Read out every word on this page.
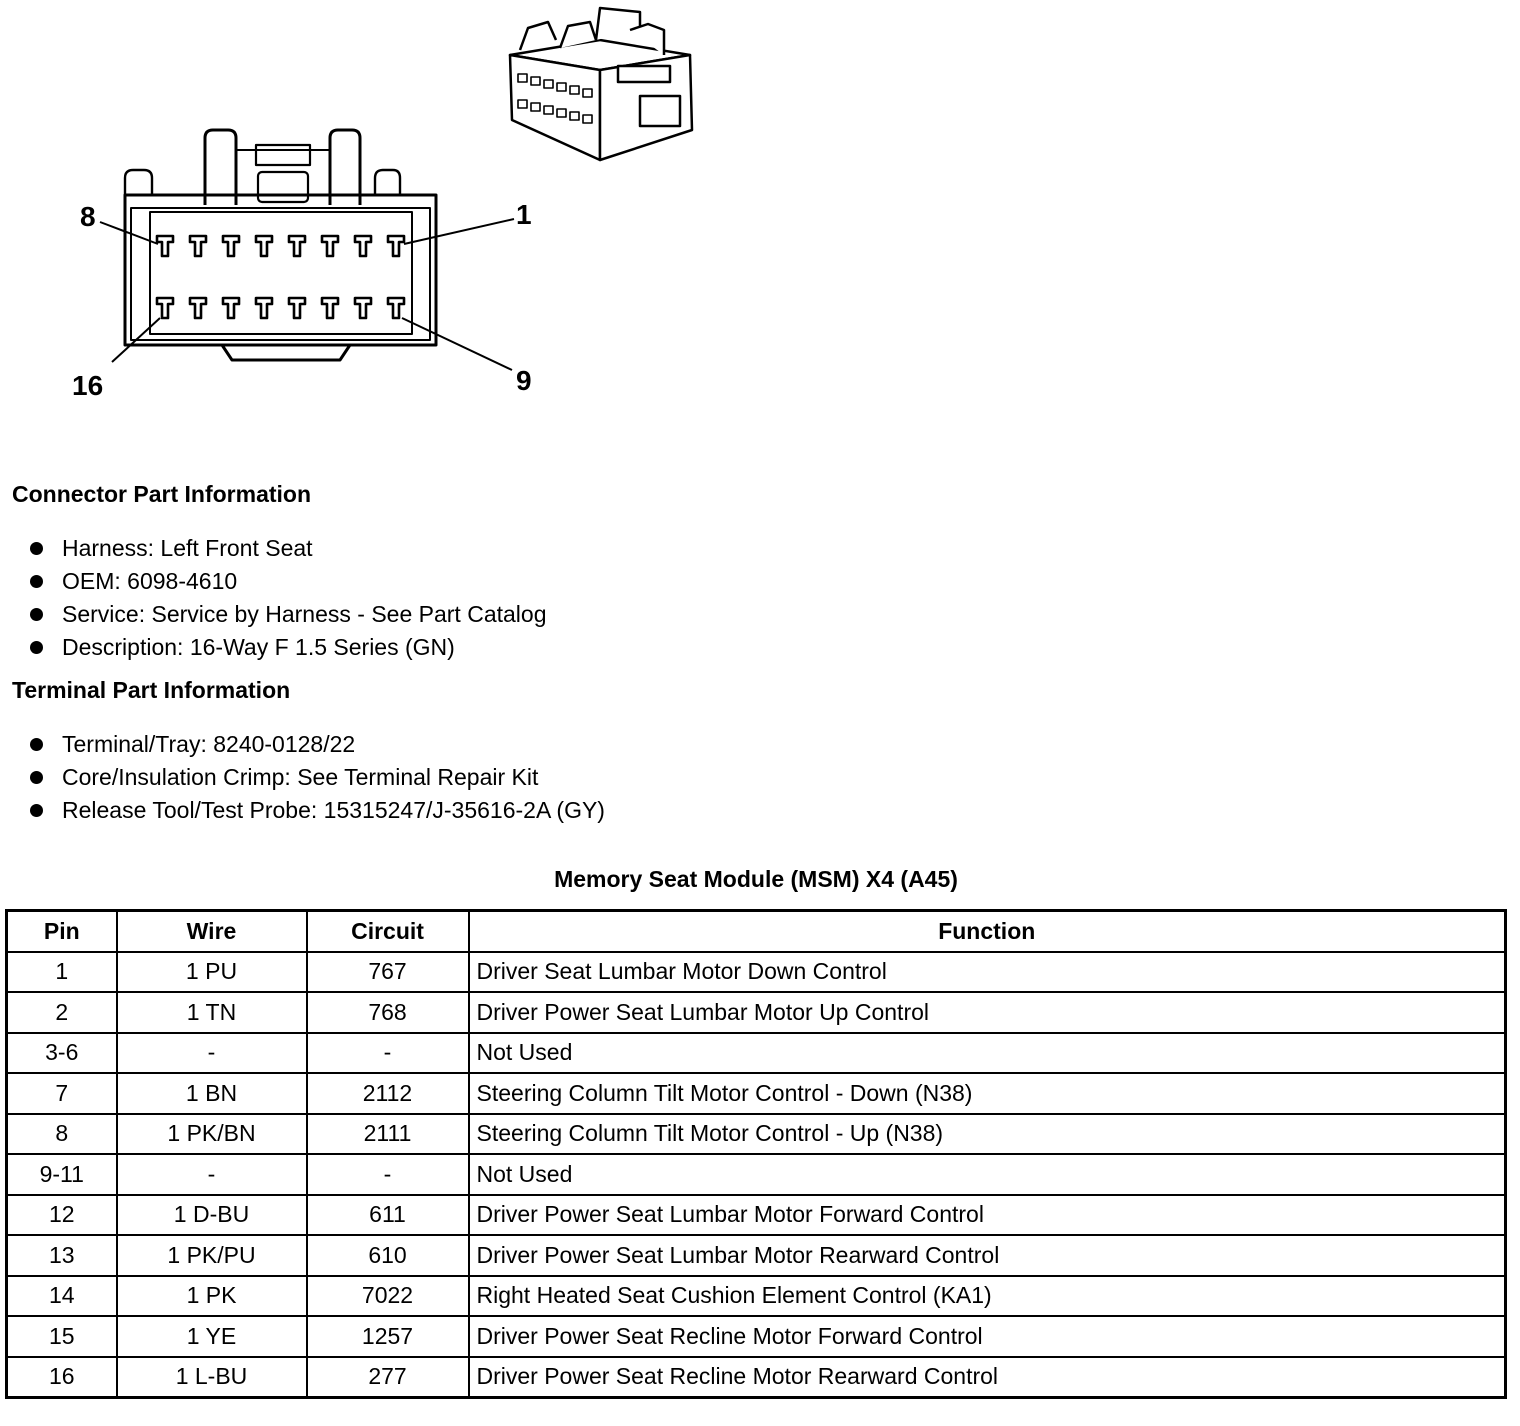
8	1
16	9
Connector Part Information
Harness: Left Front Seat
OEM: 6098-4610
Service: Service by Harness - See Part Catalog
Description: 16-Way F 1.5 Series (GN)
Terminal Part Information
Terminal/Tray: 8240-0128/22
Core/Insulation Crimp: See Terminal Repair Kit
Release Tool/Test Probe: 15315247/J-35616-2A (GY)
Memory Seat Module (MSM) X4 (A45)
Pin	Wire	Circuit	Function
1	1 PU	767	Driver Seat Lumbar Motor Down Control
2	1 TN	768	Driver Power Seat Lumbar Motor Up Control
3-6	-	-	Not Used
7	1 BN	2112	Steering Column Tilt Motor Control - Down (N38)
8	1 PK/BN	2111	Steering Column Tilt Motor Control - Up (N38)
9-11	-	-	Not Used
12	1 D-BU	611	Driver Power Seat Lumbar Motor Forward Control
13	1 PK/PU	610	Driver Power Seat Lumbar Motor Rearward Control
14	1 PK	7022	Right Heated Seat Cushion Element Control (KA1)
15	1 YE	1257	Driver Power Seat Recline Motor Forward Control
16	1 L-BU	277	Driver Power Seat Recline Motor Rearward Control
